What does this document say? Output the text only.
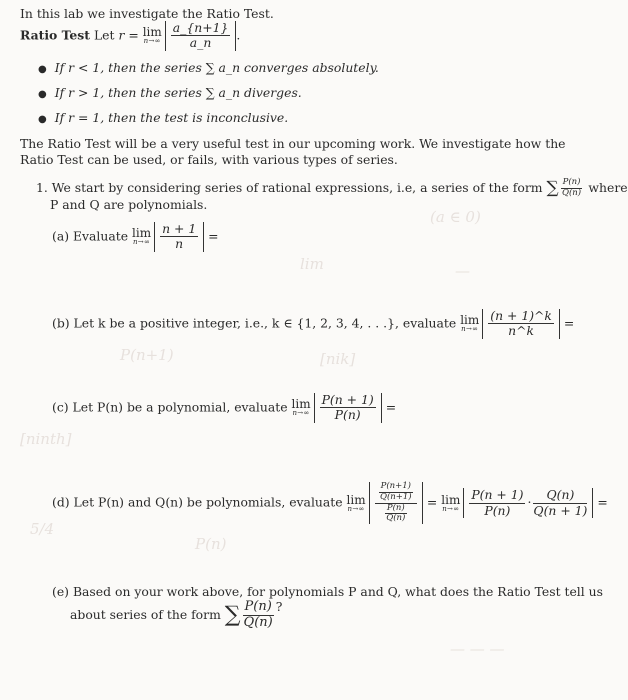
(a ∈ 0)
lim	—
P(n+1)	[nik]
[ninth]
5/4
P(n)
— — —
In this lab we investigate the Ratio Test.
Ratio Test Let r = lim
$n\to\infty \frac{a\_\{n+1\}}{a\_n}$ .
● If r < 1, then the series ∑ a_n converges absolutely.
● If r > 1, then the series ∑ a_n diverges.
● If r = 1, then the test is inconclusive.
The Ratio Test will be a very useful test in our upcoming work. We investigate how the Ratio Test can be used, or fails, with various types of series.
1. We start by considering series of rational expressions, i.e, a series of the form ∑ $\frac{P(n)}{Q(n)}$ where
P and Q are polynomials.
(a) Evaluate lim
$n\to\infty \frac{n + 1}{n}$ =
(b) Let k be a positive integer, i.e., k ∈ {1, 2, 3, 4, . . .}, evaluate lim
$n\to\infty \frac{(n + 1)\^{}k}{n\^{}k}$ =
(c) Let P(n) be a polynomial, evaluate lim
$n\to\infty \frac{P(n + 1)}{P(n)}$ =
(d) Let P(n) and Q(n) be polynomials, evaluate lim
$n\to\infty \frac{\frac{P(n+1)}{Q(n+1)}}{\frac{P(n)}{Q(n)}} = \lim$
$n\to\infty \frac{P(n + 1)}{P(n)} \cdot \frac{Q(n)}{Q(n + 1)}$ =
(e) Based on your work above, for polynomials P and Q, what does the Ratio Test tell us
about series of the form ∑ $\frac{P(n)}{Q(n)}$ ?
